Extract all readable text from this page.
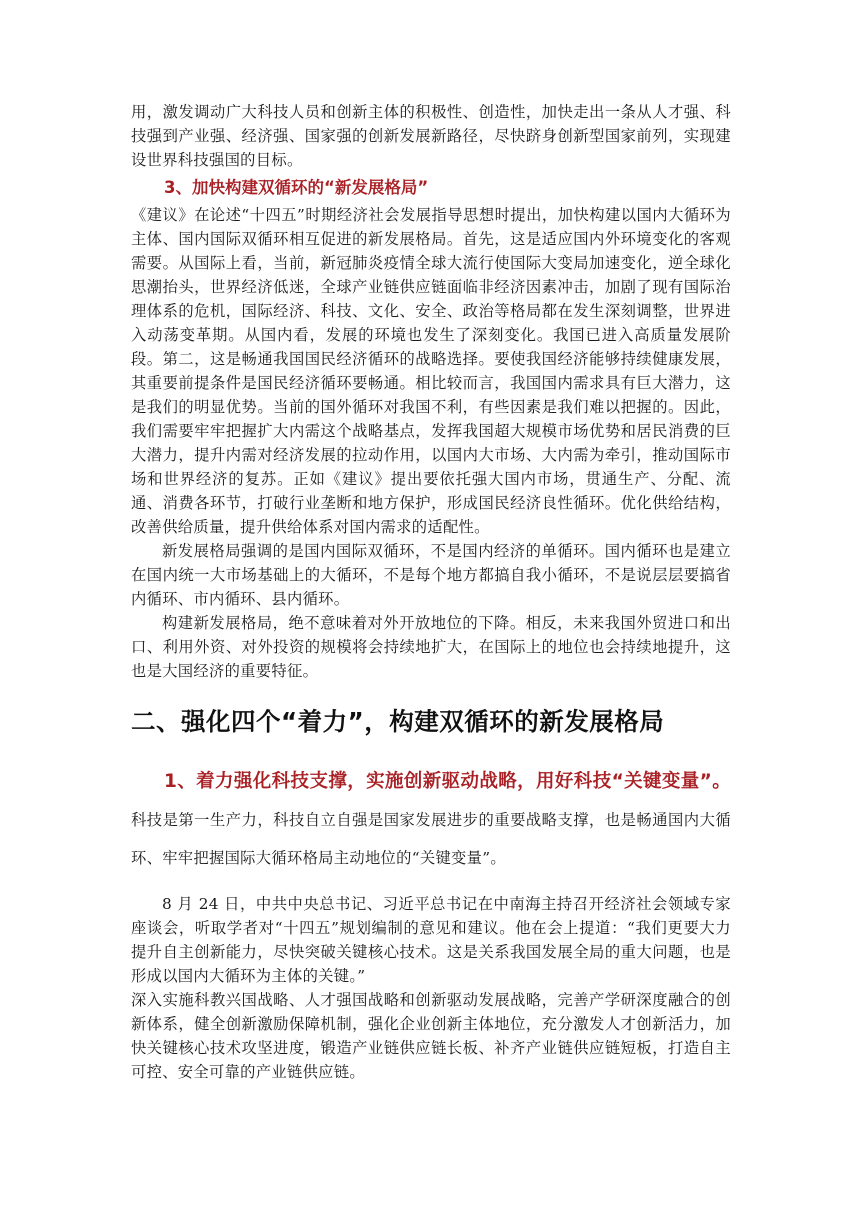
用，激发调动广大科技人员和创新主体的积极性、创造性，加快走出一条从人才强、科技强到产业强、经济强、国家强的创新发展新路径，尽快跻身创新型国家前列，实现建设世界科技强国的目标。

3、加快构建双循环的“新发展格局”

《建议》在论述“十四五”时期经济社会发展指导思想时提出，加快构建以国内大循环为主体、国内国际双循环相互促进的新发展格局。首先，这是适应国内外环境变化的客观需要。从国际上看，当前，新冠肺炎疫情全球大流行使国际大变局加速变化，逆全球化思潮抬头，世界经济低迷，全球产业链供应链面临非经济因素冲击，加剧了现有国际治理体系的危机，国际经济、科技、文化、安全、政治等格局都在发生深刻调整，世界进入动荡变革期。从国内看，发展的环境也发生了深刻变化。我国已进入高质量发展阶段。第二，这是畅通我国国民经济循环的战略选择。要使我国经济能够持续健康发展，其重要前提条件是国民经济循环要畅通。相比较而言，我国国内需求具有巨大潜力，这是我们的明显优势。当前的国外循环对我国不利，有些因素是我们难以把握的。因此，我们需要牢牢把握扩大内需这个战略基点，发挥我国超大规模市场优势和居民消费的巨大潜力，提升内需对经济发展的拉动作用，以国内大市场、大内需为牵引，推动国际市场和世界经济的复苏。正如《建议》提出要依托强大国内市场，贯通生产、分配、流通、消费各环节，打破行业垄断和地方保护，形成国民经济良性循环。优化供给结构，改善供给质量，提升供给体系对国内需求的适配性。

新发展格局强调的是国内国际双循环，不是国内经济的单循环。国内循环也是建立在国内统一大市场基础上的大循环，不是每个地方都搞自我小循环，不是说层层要搞省内循环、市内循环、县内循环。

构建新发展格局，绝不意味着对外开放地位的下降。相反，未来我国外贸进口和出口、利用外资、对外投资的规模将会持续地扩大，在国际上的地位也会持续地提升，这也是大国经济的重要特征。

二、强化四个“着力”，构建双循环的新发展格局

1、着力强化科技支撑，实施创新驱动战略，用好科技“关键变量”。科技是第一生产力，科技自立自强是国家发展进步的重要战略支撑，也是畅通国内大循环、牢牢把握国际大循环格局主动地位的“关键变量”。

8 月 24 日，中共中央总书记、习近平总书记在中南海主持召开经济社会领域专家座谈会，听取学者对“十四五”规划编制的意见和建议。他在会上提道：“我们更要大力提升自主创新能力，尽快突破关键核心技术。这是关系我国发展全局的重大问题，也是形成以国内大循环为主体的关键。”

深入实施科教兴国战略、人才强国战略和创新驱动发展战略，完善产学研深度融合的创新体系，健全创新激励保障机制，强化企业创新主体地位，充分激发人才创新活力，加快关键核心技术攻坚进度，锻造产业链供应链长板、补齐产业链供应链短板，打造自主可控、安全可靠的产业链供应链。
